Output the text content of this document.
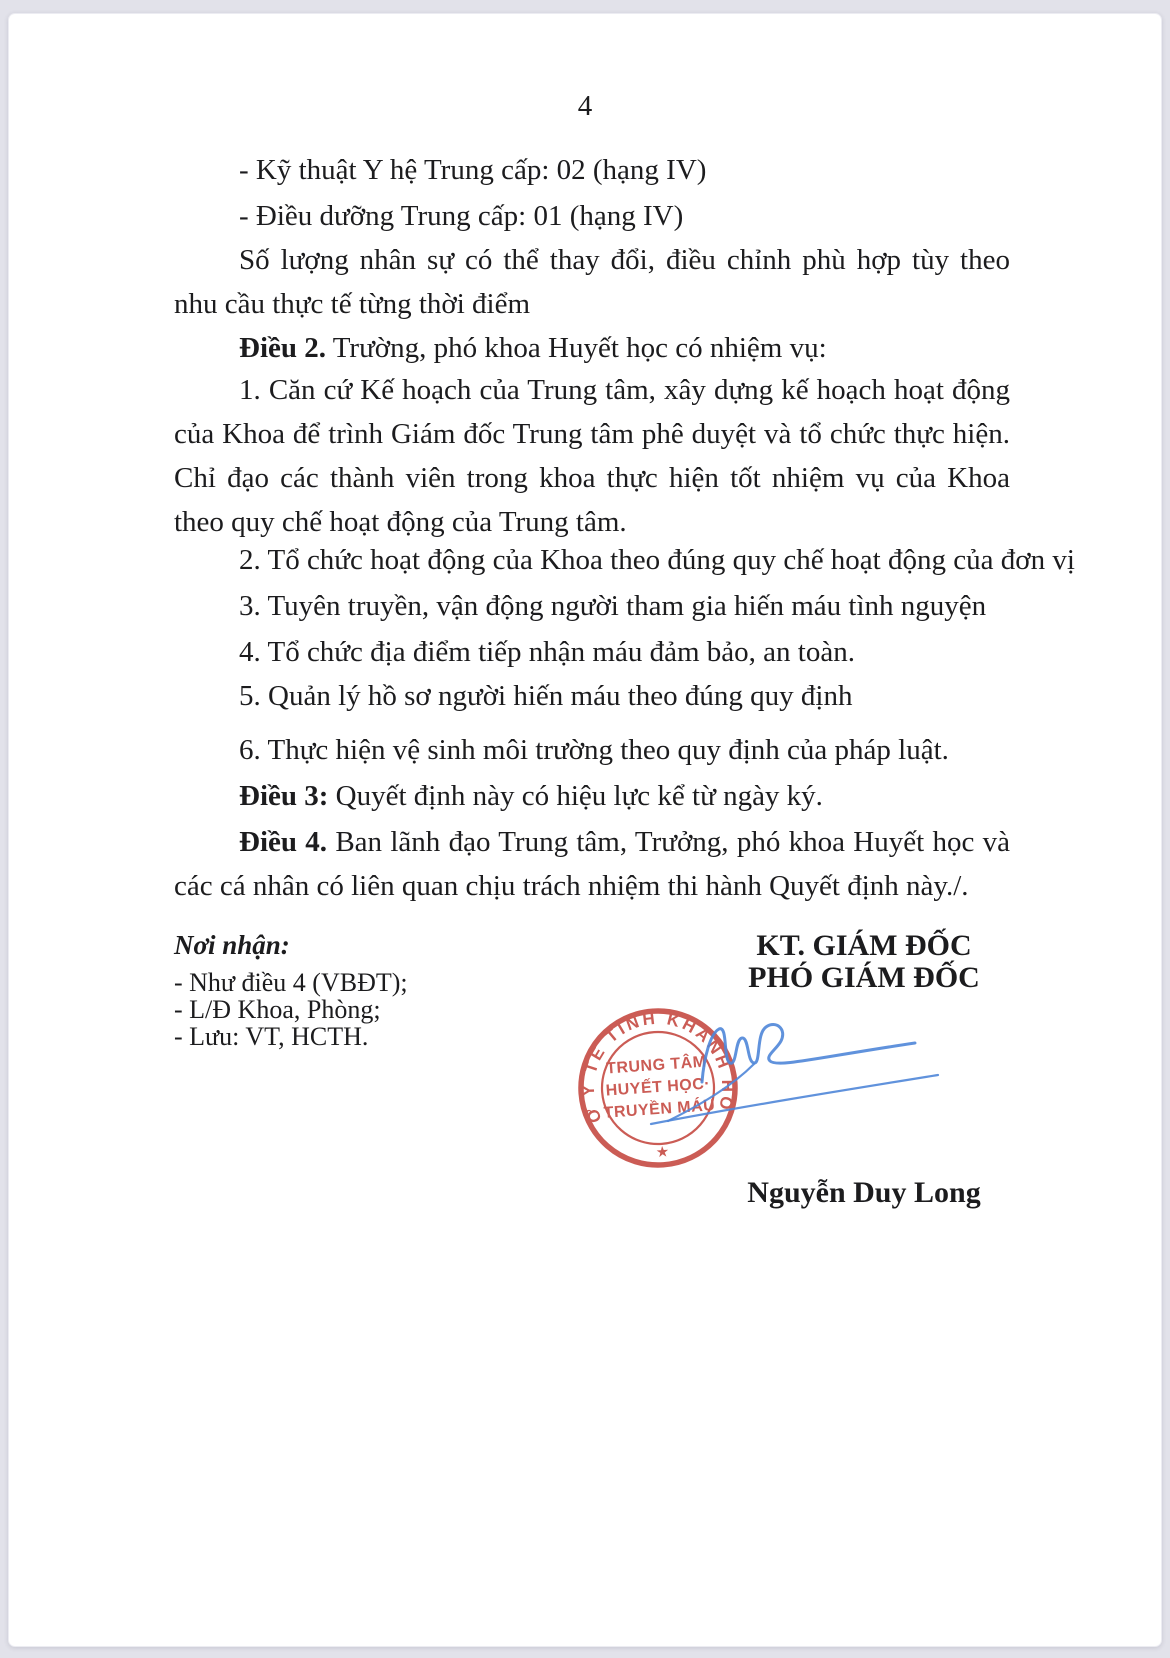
4

- Kỹ thuật Y hệ Trung cấp: 02 (hạng IV)

- Điều dưỡng Trung cấp: 01 (hạng IV)

Số lượng nhân sự có thể thay đổi, điều chỉnh phù hợp tùy theo nhu cầu thực tế từng thời điểm

Điều 2. Trường, phó khoa Huyết học có nhiệm vụ:

1. Căn cứ Kế hoạch của Trung tâm, xây dựng kế hoạch hoạt động của Khoa để trình Giám đốc Trung tâm phê duyệt và tổ chức thực hiện. Chỉ đạo các thành viên trong khoa thực hiện tốt nhiệm vụ của Khoa theo quy chế hoạt động của Trung tâm.

2. Tổ chức hoạt động của Khoa theo đúng quy chế hoạt động của đơn vị

3. Tuyên truyền, vận động người tham gia hiến máu tình nguyện

4. Tổ chức địa điểm tiếp nhận máu đảm bảo, an toàn.

5. Quản lý hồ sơ người hiến máu theo đúng quy định

6. Thực hiện vệ sinh môi trường theo quy định của pháp luật.

Điều 3: Quyết định này có hiệu lực kể từ ngày ký.

Điều 4. Ban lãnh đạo Trung tâm, Trưởng, phó khoa Huyết học và các cá nhân có liên quan chịu trách nhiệm thi hành Quyết định này./.

Nơi nhận:
- Như điều 4 (VBĐT);
- L/Đ Khoa, Phòng;
- Lưu: VT, HCTH.
KT. GIÁM ĐỐC
PHÓ GIÁM ĐỐC
Nguyễn Duy Long
SỞ Y TẾ TỈNH KHÁNH HÒA
TRUNG TÂM
HUYẾT HỌC·
TRUYỀN MÁU
★
